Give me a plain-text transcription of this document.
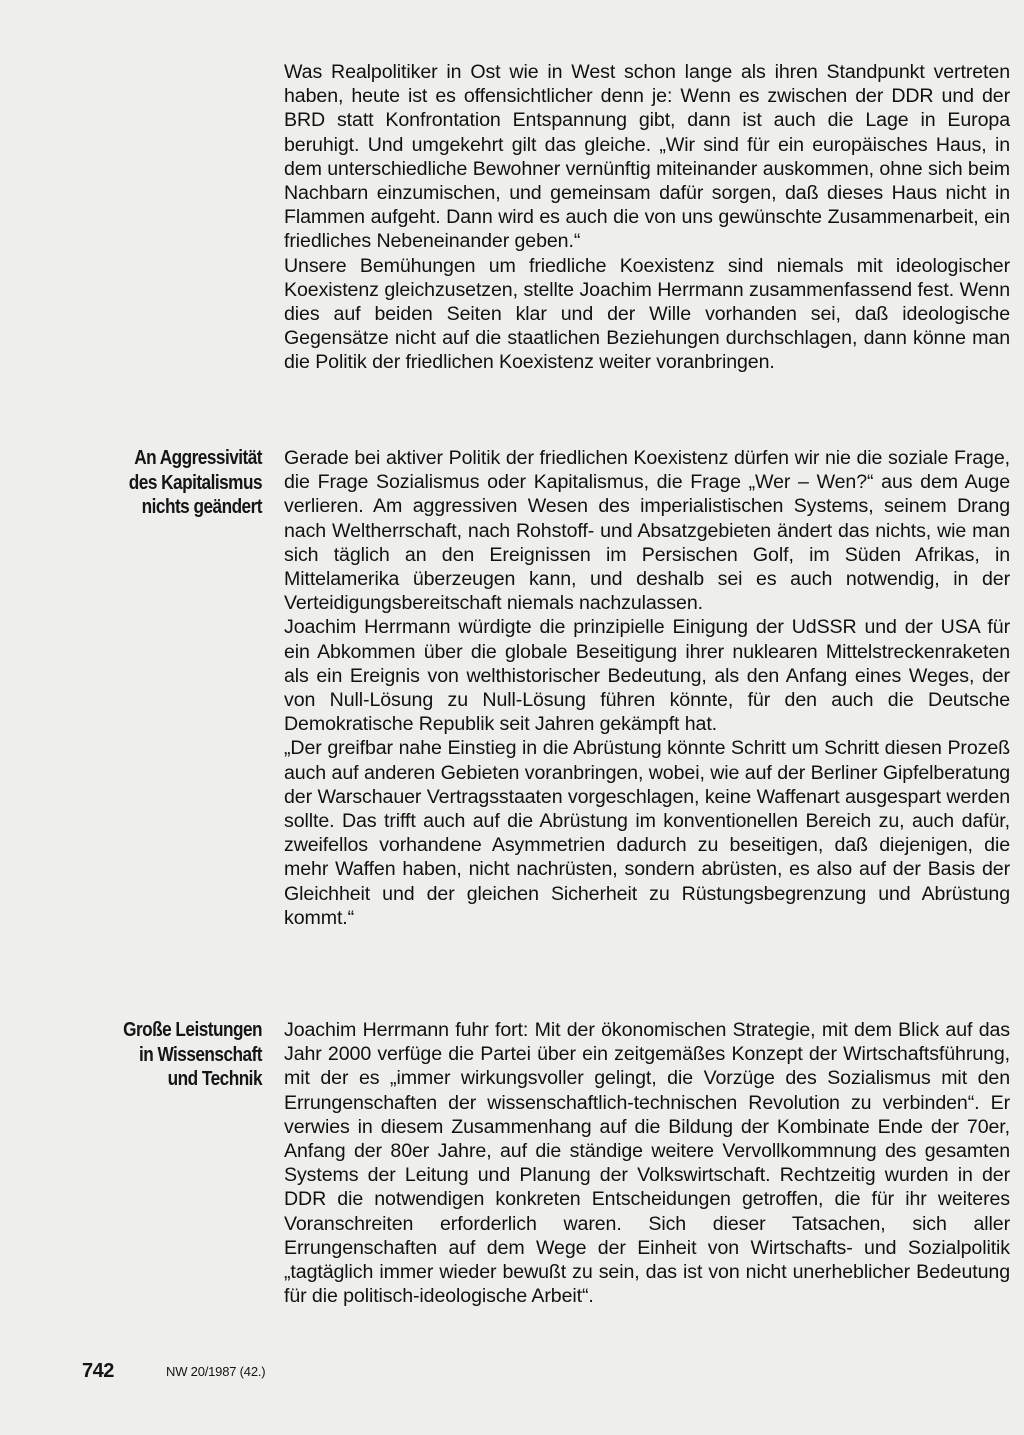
Was Realpolitiker in Ost wie in West schon lange als ihren Standpunkt vertreten haben, heute ist es offensichtlicher denn je: Wenn es zwischen der DDR und der BRD statt Konfrontation Entspannung gibt, dann ist auch die Lage in Europa beruhigt. Und umgekehrt gilt das gleiche. „Wir sind für ein europäisches Haus, in dem unterschiedliche Bewohner vernünftig miteinander auskommen, ohne sich beim Nachbarn einzumischen, und gemeinsam dafür sorgen, daß dieses Haus nicht in Flammen aufgeht. Dann wird es auch die von uns gewünschte Zusammenarbeit, ein friedliches Nebeneinander geben.“

Unsere Bemühungen um friedliche Koexistenz sind niemals mit ideologischer Koexistenz gleichzusetzen, stellte Joachim Herrmann zusammenfassend fest. Wenn dies auf beiden Seiten klar und der Wille vorhanden sei, daß ideologische Gegensätze nicht auf die staatlichen Beziehungen durchschlagen, dann könne man die Politik der friedlichen Koexistenz weiter voranbringen.

An Aggressivität
des Kapitalismus
nichts geändert

Gerade bei aktiver Politik der friedlichen Koexistenz dürfen wir nie die soziale Frage, die Frage Sozialismus oder Kapitalismus, die Frage „Wer – Wen?“ aus dem Auge verlieren. Am aggressiven Wesen des imperialistischen Systems, seinem Drang nach Weltherrschaft, nach Rohstoff- und Absatzgebieten ändert das nichts, wie man sich täglich an den Ereignissen im Persischen Golf, im Süden Afrikas, in Mittelamerika überzeugen kann, und deshalb sei es auch notwendig, in der Verteidigungsbereitschaft niemals nachzulassen.

Joachim Herrmann würdigte die prinzipielle Einigung der UdSSR und der USA für ein Abkommen über die globale Beseitigung ihrer nuklearen Mittelstreckenraketen als ein Ereignis von welthistorischer Bedeutung, als den Anfang eines Weges, der von Null-Lösung zu Null-Lösung führen könnte, für den auch die Deutsche Demokratische Republik seit Jahren gekämpft hat.

„Der greifbar nahe Einstieg in die Abrüstung könnte Schritt um Schritt diesen Prozeß auch auf anderen Gebieten voranbringen, wobei, wie auf der Berliner Gipfelberatung der Warschauer Vertragsstaaten vorgeschlagen, keine Waffenart ausgespart werden sollte. Das trifft auch auf die Abrüstung im konventionellen Bereich zu, auch dafür, zweifellos vorhandene Asymmetrien dadurch zu beseitigen, daß diejenigen, die mehr Waffen haben, nicht nachrüsten, sondern abrüsten, es also auf der Basis der Gleichheit und der gleichen Sicherheit zu Rüstungsbegrenzung und Abrüstung kommt.“

Große Leistungen
in Wissenschaft
und Technik

Joachim Herrmann fuhr fort: Mit der ökonomischen Strategie, mit dem Blick auf das Jahr 2000 verfüge die Partei über ein zeitgemäßes Konzept der Wirtschaftsführung, mit der es „immer wirkungsvoller gelingt, die Vorzüge des Sozialismus mit den Errungenschaften der wissenschaftlich-technischen Revolution zu verbinden“. Er verwies in diesem Zusammenhang auf die Bildung der Kombinate Ende der 70er, Anfang der 80er Jahre, auf die ständige weitere Vervollkommnung des gesamten Systems der Leitung und Planung der Volkswirtschaft. Rechtzeitig wurden in der DDR die notwendigen konkreten Entscheidungen getroffen, die für ihr weiteres Voranschreiten erforderlich waren. Sich dieser Tatsachen, sich aller Errungenschaften auf dem Wege der Einheit von Wirtschafts- und Sozialpolitik „tagtäglich immer wieder bewußt zu sein, das ist von nicht unerheblicher Bedeutung für die politisch-ideologische Arbeit“.

742	NW 20/1987 (42.)
